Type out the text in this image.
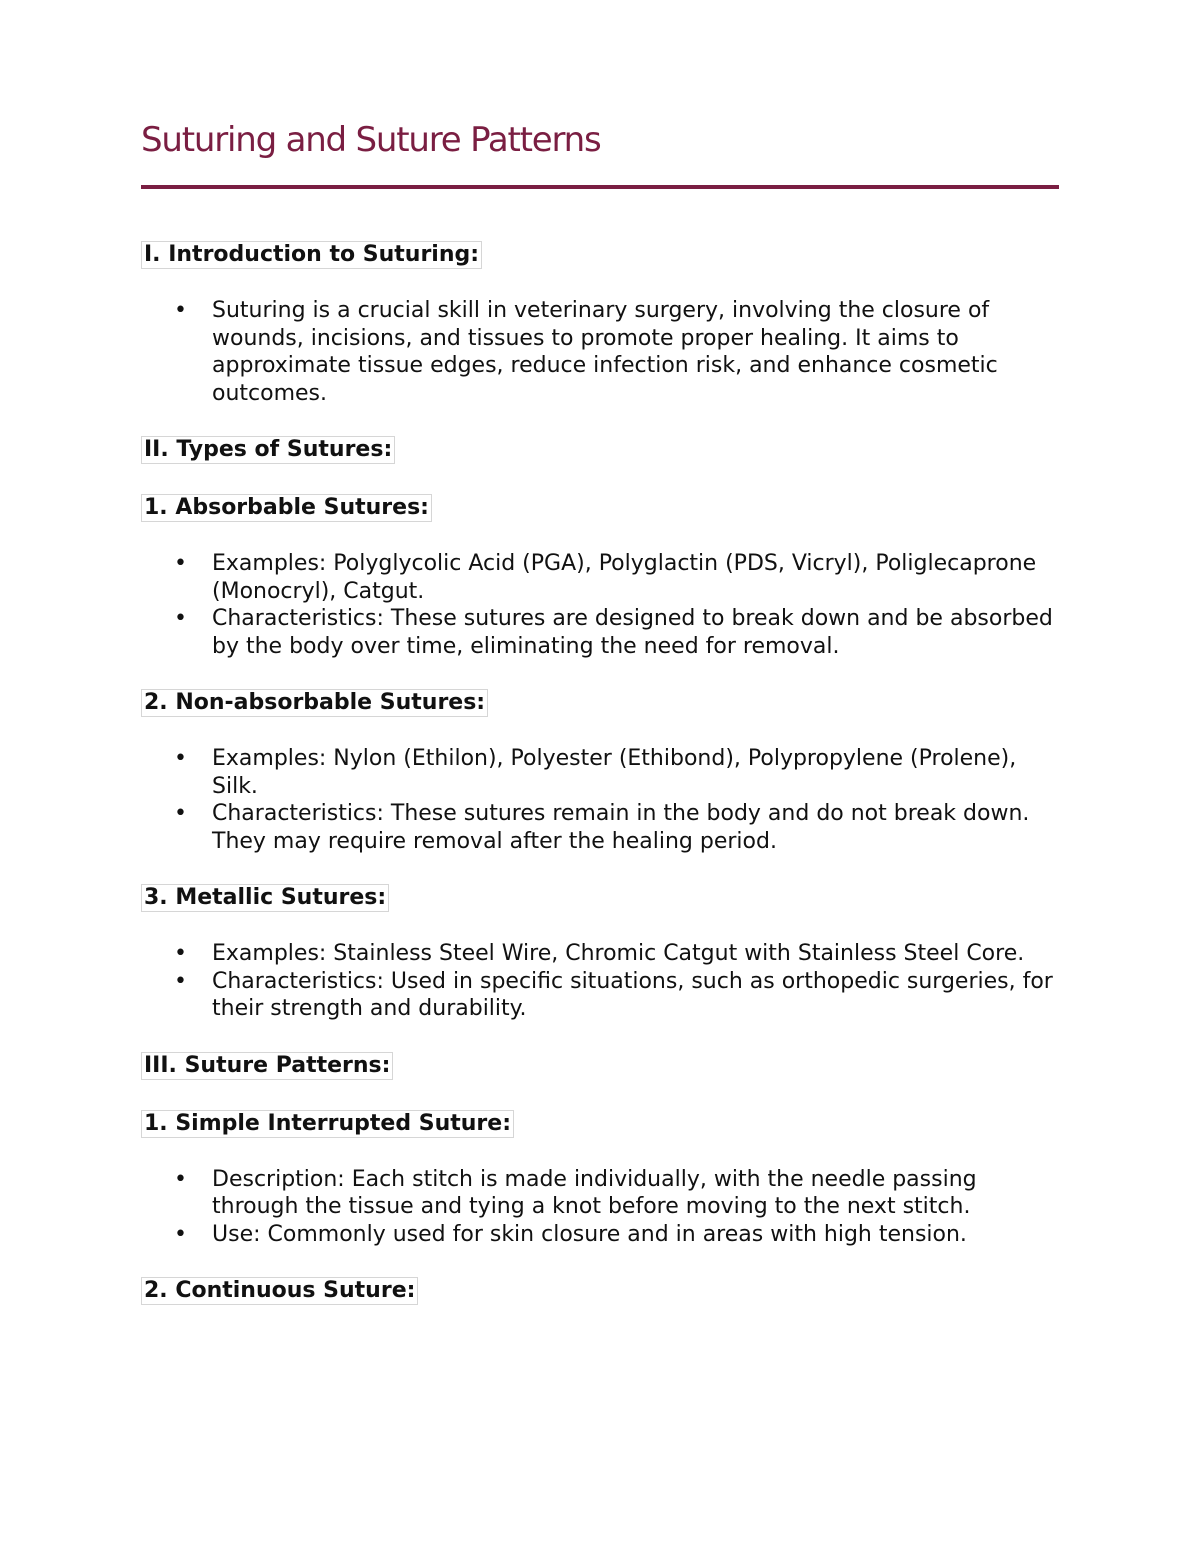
Suturing and Suture Patterns
I. Introduction to Suturing:
• Suturing is a crucial skill in veterinary surgery, involving the closure of wounds, incisions, and tissues to promote proper healing. It aims to approximate tissue edges, reduce infection risk, and enhance cosmetic outcomes.
II. Types of Sutures:
1. Absorbable Sutures:
• Examples: Polyglycolic Acid (PGA), Polyglactin (PDS, Vicryl), Poliglecaprone (Monocryl), Catgut.
• Characteristics: These sutures are designed to break down and be absorbed by the body over time, eliminating the need for removal.
2. Non-absorbable Sutures:
• Examples: Nylon (Ethilon), Polyester (Ethibond), Polypropylene (Prolene), Silk.
• Characteristics: These sutures remain in the body and do not break down. They may require removal after the healing period.
3. Metallic Sutures:
• Examples: Stainless Steel Wire, Chromic Catgut with Stainless Steel Core.
• Characteristics: Used in specific situations, such as orthopedic surgeries, for their strength and durability.
III. Suture Patterns:
1. Simple Interrupted Suture:
• Description: Each stitch is made individually, with the needle passing through the tissue and tying a knot before moving to the next stitch.
• Use: Commonly used for skin closure and in areas with high tension.
2. Continuous Suture:
